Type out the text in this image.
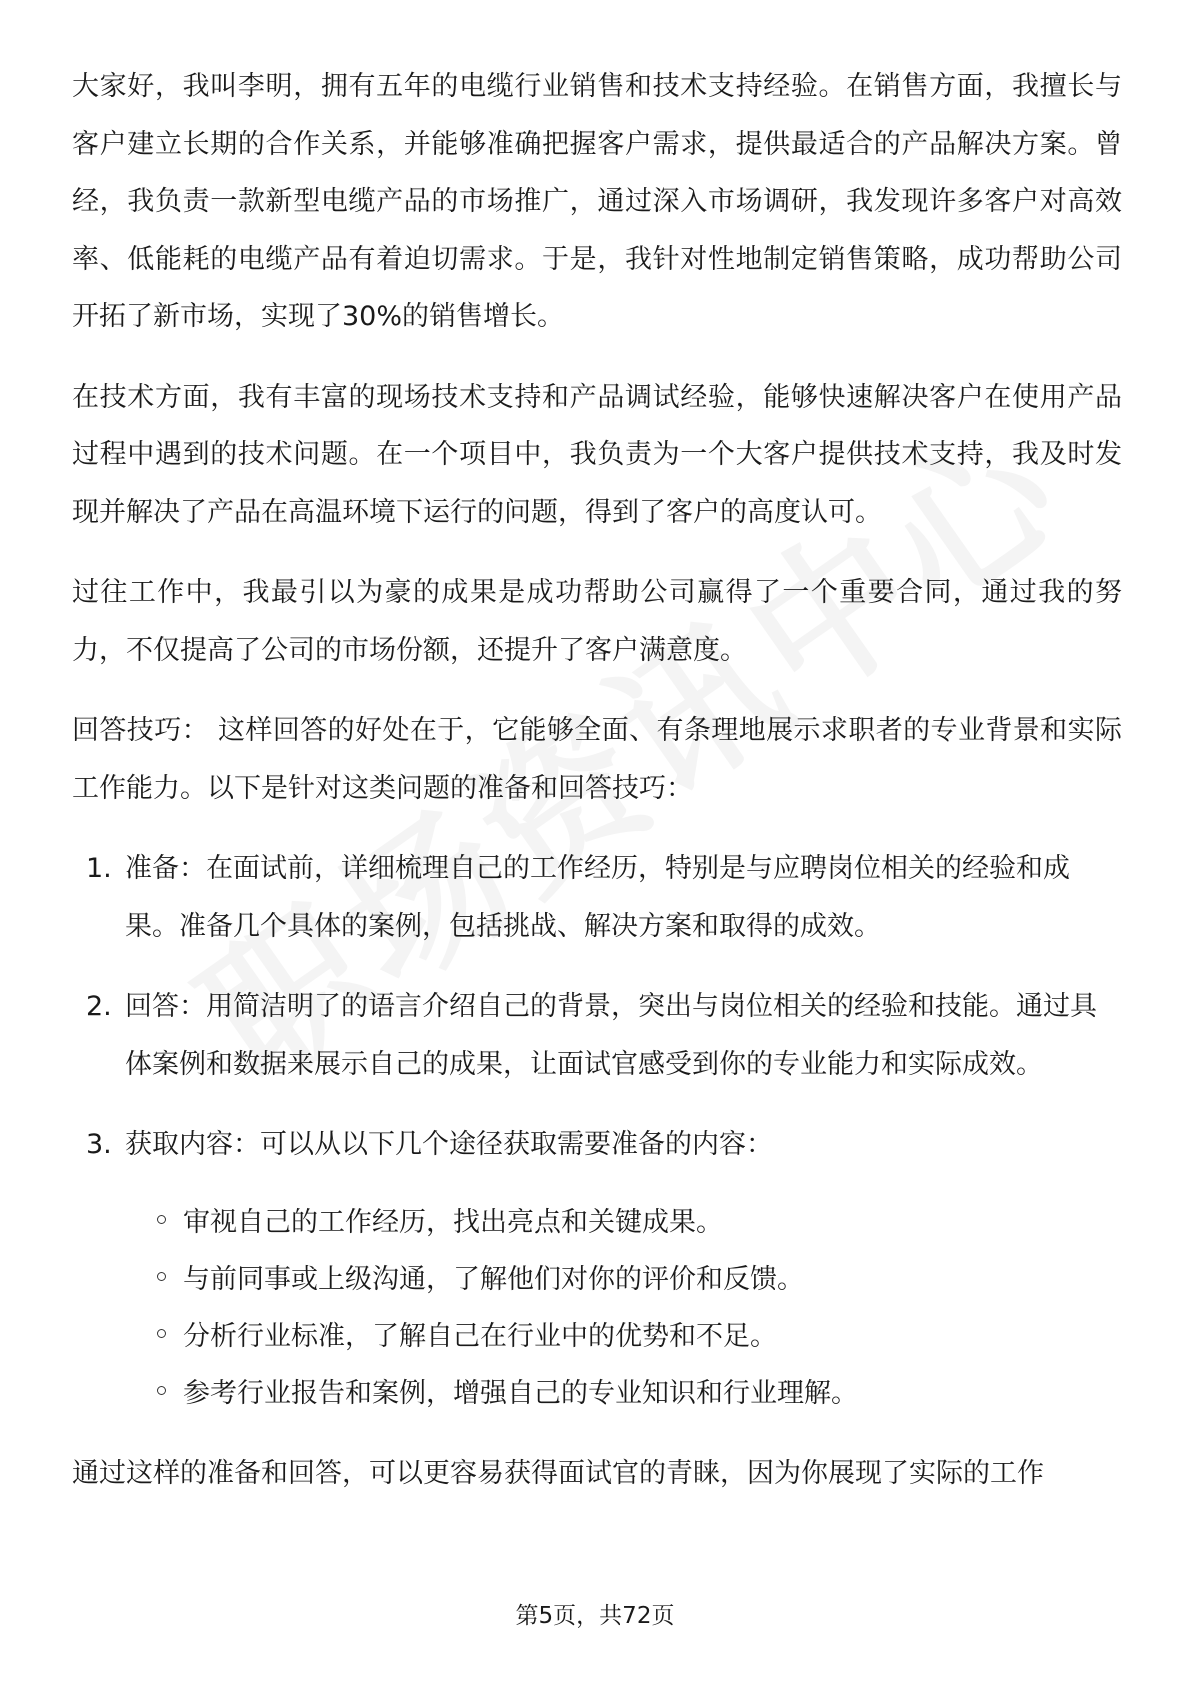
大家好，我叫李明，拥有五年的电缆行业销售和技术支持经验。在销售方面，我擅长与客户建立长期的合作关系，并能够准确把握客户需求，提供最适合的产品解决方案。曾经，我负责一款新型电缆产品的市场推广，通过深入市场调研，我发现许多客户对高效率、低能耗的电缆产品有着迫切需求。于是，我针对性地制定销售策略，成功帮助公司开拓了新市场，实现了30%的销售增长。

在技术方面，我有丰富的现场技术支持和产品调试经验，能够快速解决客户在使用产品过程中遇到的技术问题。在一个项目中，我负责为一个大客户提供技术支持，我及时发现并解决了产品在高温环境下运行的问题，得到了客户的高度认可。

过往工作中，我最引以为豪的成果是成功帮助公司赢得了一个重要合同，通过我的努力，不仅提高了公司的市场份额，还提升了客户满意度。

回答技巧： 这样回答的好处在于，它能够全面、有条理地展示求职者的专业背景和实际工作能力。以下是针对这类问题的准备和回答技巧：

1. 准备：在面试前，详细梳理自己的工作经历，特别是与应聘岗位相关的经验和成果。准备几个具体的案例，包括挑战、解决方案和取得的成效。
2. 回答：用简洁明了的语言介绍自己的背景，突出与岗位相关的经验和技能。通过具体案例和数据来展示自己的成果，让面试官感受到你的专业能力和实际成效。
3. 获取内容：可以从以下几个途径获取需要准备的内容：
审视自己的工作经历，找出亮点和关键成果。
与前同事或上级沟通，了解他们对你的评价和反馈。
分析行业标准，了解自己在行业中的优势和不足。
参考行业报告和案例，增强自己的专业知识和行业理解。

通过这样的准备和回答，可以更容易获得面试官的青睐，因为你展现了实际的工作

第5页，共72页
